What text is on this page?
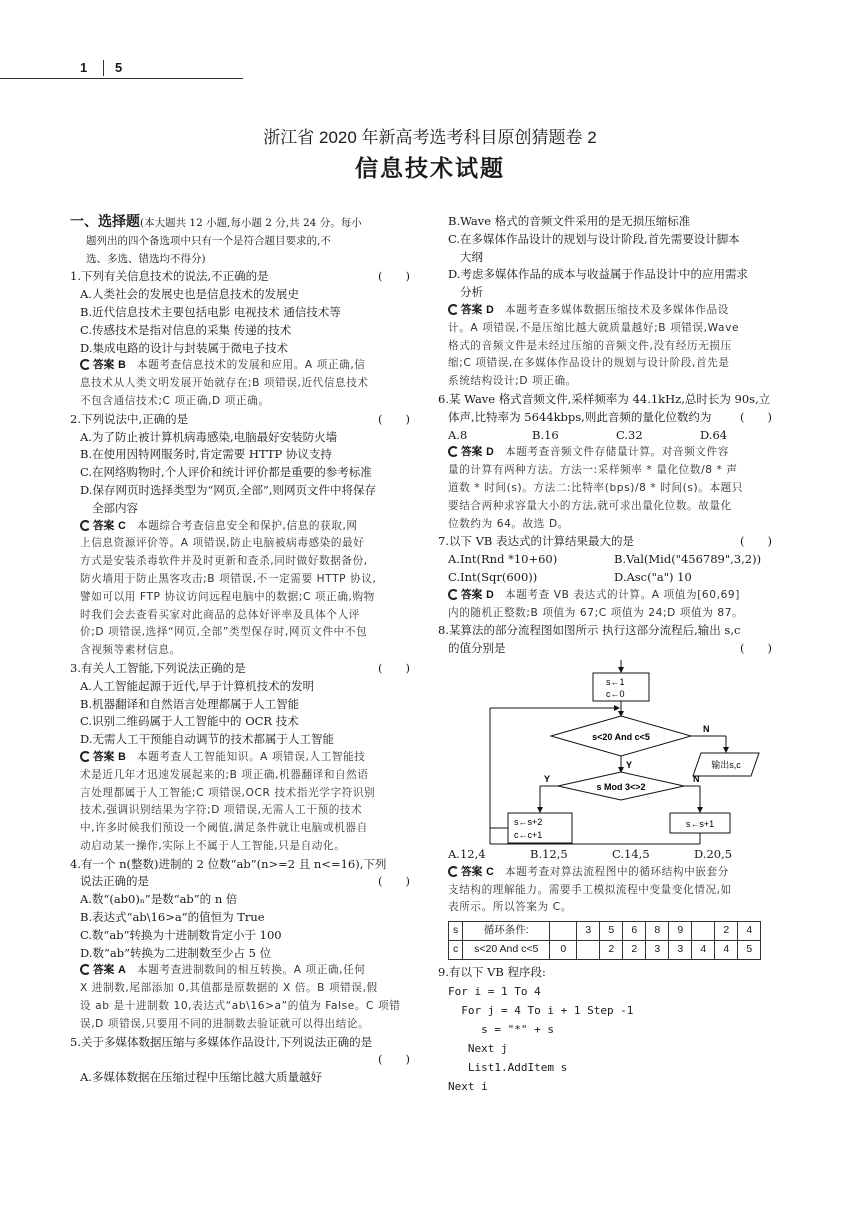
1 5
浙江省 2020 年新高考选考科目原创猜题卷 2
信息技术试题
一、选择题(本大题共 12 小题,每小题 2 分,共 24 分。每小
题列出的四个备选项中只有一个是符合题目要求的,不
选、多选、错选均不得分)
1.下列有关信息技术的说法,不正确的是	(　　)
A.人类社会的发展史也是信息技术的发展史
B.近代信息技术主要包括电影 电视技术 通信技术等
C.传感技术是指对信息的采集 传递的技术
D.集成电路的设计与封装属于微电子技术
答案 B　 本题考查信息技术的发展和应用。A 项正确,信
息技术从人类文明发展开始就存在;B 项错误,近代信息技术
不包含通信技术;C 项正确,D 项正确。
2.下列说法中,正确的是	(　　)
A.为了防止被计算机病毒感染,电脑最好安装防火墙
B.在使用因特网服务时,肯定需要 HTTP 协议支持
C.在网络购物时,个人评价和统计评价都是重要的参考标准
D.保存网页时选择类型为“网页,全部”,则网页文件中将保存
全部内容
答案 C　 本题综合考查信息安全和保护,信息的获取,网
上信息资源评价等。A 项错误,防止电脑被病毒感染的最好
方式是安装杀毒软件并及时更新和查杀,同时做好数据备份,
防火墙用于防止黑客攻击;B 项错误,不一定需要 HTTP 协议,
譬如可以用 FTP 协议访问远程电脑中的数据;C 项正确,购物
时我们会去查看买家对此商品的总体好评率及具体个人评
价;D 项错误,选择“网页,全部”类型保存时,网页文件中不包
含视频等素材信息。
3.有关人工智能,下列说法正确的是	(　　)
A.人工智能起源于近代,早于计算机技术的发明
B.机器翻译和自然语言处理都属于人工智能
C.识别二维码属于人工智能中的 OCR 技术
D.无需人工干预能自动调节的技术都属于人工智能
答案 B　 本题考查人工智能知识。A 项错误,人工智能技
术是近几年才迅速发展起来的;B 项正确,机器翻译和自然语
言处理都属于人工智能;C 项错误,OCR 技术指光学字符识别
技术,强调识别结果为字符;D 项错误,无需人工干预的技术
中,许多时候我们预设一个阈值,满足条件就让电脑或机器自
动启动某一操作,实际上不属于人工智能,只是自动化。
4.有一个 n(整数)进制的 2 位数“ab”(n>=2 且 n<=16),下列
说法正确的是	(　　)
A.数“(ab0)ₙ”是数“ab”的 n 倍
B.表达式“ab\16>a”的值恒为 True
C.数“ab”转换为十进制数肯定小于 100
D.数“ab”转换为二进制数至少占 5 位
答案 A　 本题考查进制数间的相互转换。A 项正确,任何
X 进制数,尾部添加 0,其值都是原数据的 X 倍。B 项错误,假
设 ab 是十进制数 10,表达式“ab\16>a”的值为 False。C 项错
误,D 项错误,只要用不同的进制数去验证就可以得出结论。
5.关于多媒体数据压缩与多媒体作品设计,下列说法正确的是
(　　)

A.多媒体数据在压缩过程中压缩比越大质量越好
B.Wave 格式的音频文件采用的是无损压缩标准
C.在多媒体作品设计的规划与设计阶段,首先需要设计脚本
大纲
D.考虑多媒体作品的成本与收益属于作品设计中的应用需求
分析
答案 D　 本题考查多媒体数据压缩技术及多媒体作品设
计。A 项错误,不是压缩比越大就质量越好;B 项错误,Wave
格式的音频文件是未经过压缩的音频文件,没有经历无损压
缩;C 项错误,在多媒体作品设计的规划与设计阶段,首先是
系统结构设计;D 项正确。
6.某 Wave 格式音频文件,采样频率为 44.1kHz,总时长为 90s,立
体声,比特率为 5644kbps,则此音频的量化位数约为 (　　)
A.8	B.16	C.32	D.64
答案 D　 本题考查音频文件存储量计算。对音频文件容
量的计算有两种方法。方法一:采样频率 * 量化位数/8 * 声
道数 * 时间(s)。方法二:比特率(bps)/8 * 时间(s)。本题只
要结合两种求容量大小的方法,就可求出量化位数。故量化
位数约为 64。故选 D。
7.以下 VB 表达式的计算结果最大的是	(　　)
A.Int(Rnd *10+60)	B.Val(Mid("456789",3,2))
C.Int(Sqr(600))	D.Asc("a") 10
答案 D　 本题考查 VB 表达式的计算。A 项值为[60,69]
内的随机正整数;B 项值为 67;C 项值为 24;D 项值为 87。
8.某算法的部分流程图如图所示 执行这部分流程后,输出 s,c
的值分别是	(　　)
s←1
c←0
s<20 And c<5
N
输出s,c
Y
s Mod 3<>2
Y	N
s←s+2
c←c+1
s←s+1
A.12,4	B.12,5	C.14,5	D.20,5
答案 C　 本题考查对算法流程图中的循环结构中嵌套分
支结构的理解能力。需要手工模拟流程中变量变化情况,如
表所示。所以答案为 C。
s	循环条件:		3	5	6	8	9		2	4
c	s<20 And c<5	0		2	2	3	3	4	4	5
9.有以下 VB 程序段:
For i = 1 To 4
For j = 4 To i + 1 Step -1
s = "*" + s
Next j
List1.AddItem s
Next i
